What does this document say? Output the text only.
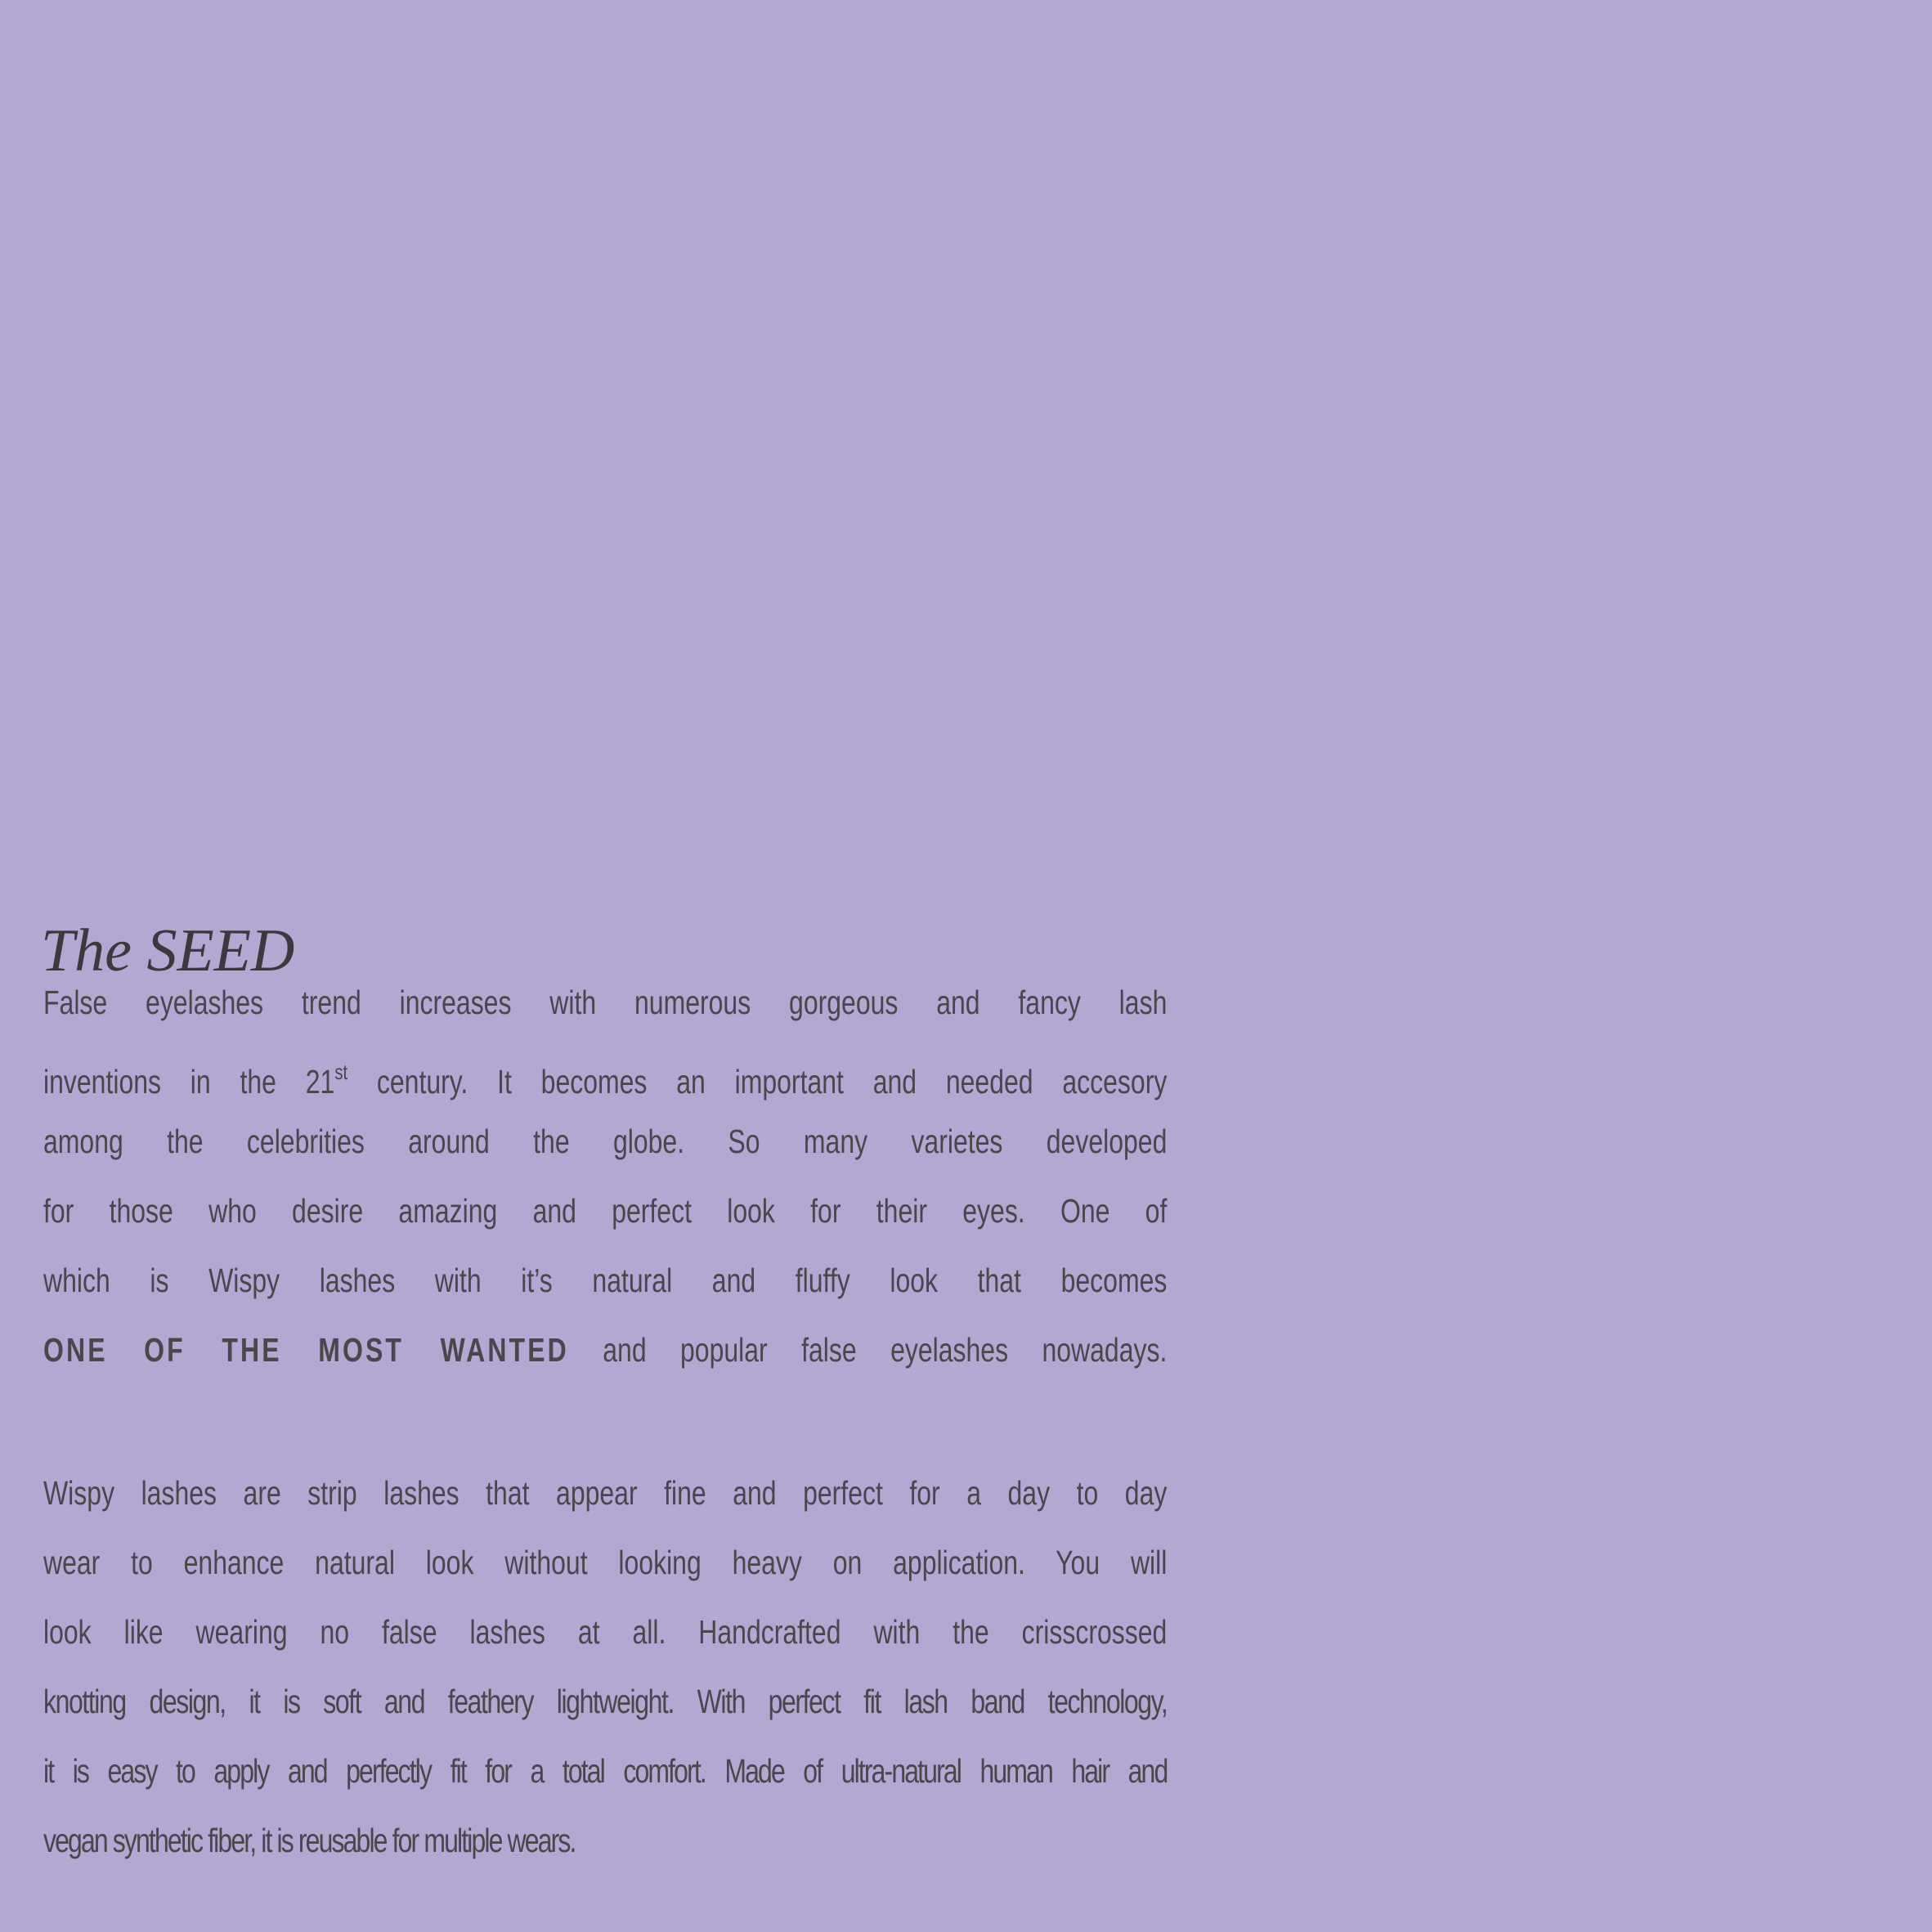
The SEED
False eyelashes trend increases with numerous gorgeous and fancy lash
inventions in the 21st century. It becomes an important and needed accesory
among the celebrities around the globe. So many varietes developed
for those who desire amazing and perfect look for their eyes. One of
which is Wispy lashes with it’s natural and fluffy look that becomes
ONE OF THE MOST WANTED and popular false eyelashes nowadays.
Wispy lashes are strip lashes that appear fine and perfect for a day to day
wear to enhance natural look without looking heavy on application. You will
look like wearing no false lashes at all. Handcrafted with the crisscrossed
knotting design, it is soft and feathery lightweight. With perfect fit lash band technology,
it is easy to apply and perfectly fit for a total comfort. Made of ultra-natural human hair and
vegan synthetic fiber, it is reusable for multiple wears.
